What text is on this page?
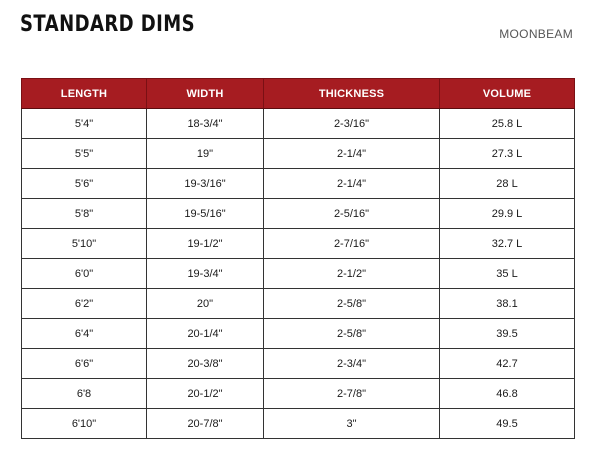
STANDARD DIMS	MOONBEAM
LENGTH	WIDTH	THICKNESS	VOLUME
5'4"	18-3/4"	2-3/16"	25.8 L
5'5"	19"	2-1/4"	27.3 L
5'6"	19-3/16"	2-1/4"	28 L
5'8"	19-5/16"	2-5/16"	29.9 L
5'10"	19-1/2"	2-7/16"	32.7 L
6'0"	19-3/4"	2-1/2"	35 L
6'2"	20"	2-5/8"	38.1
6'4"	20-1/4"	2-5/8"	39.5
6'6"	20-3/8"	2-3/4"	42.7
6'8	20-1/2"	2-7/8"	46.8
6'10"	20-7/8"	3"	49.5
